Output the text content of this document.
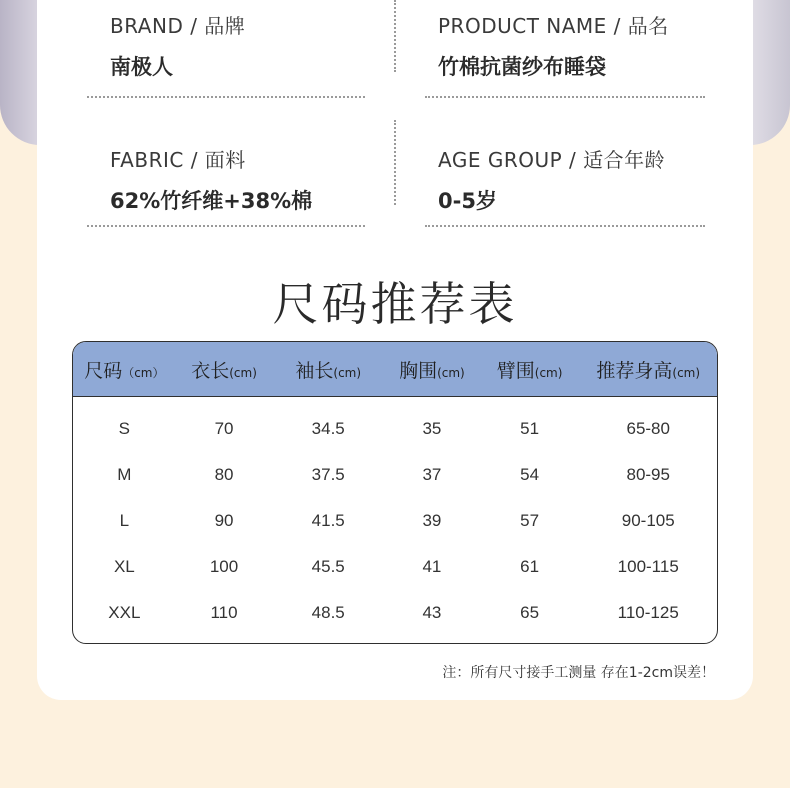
BRAND / 品牌
南极人
PRODUCT NAME / 品名
竹棉抗菌纱布睡袋
FABRIC / 面料
62%竹纤维+38%棉
AGE GROUP / 适合年龄
0-5岁
尺码推荐表
尺码（cm）	衣长(cm)	袖长(cm)	胸围(cm)	臂围(cm)	推荐身高(cm)
S	70	34.5	35	51	65-80
M	80	37.5	37	54	80-95
L	90	41.5	39	57	90-105
XL	100	45.5	41	61	100-115
XXL	110	48.5	43	65	110-125
注：所有尺寸接手工测量 存在1-2cm误差！
